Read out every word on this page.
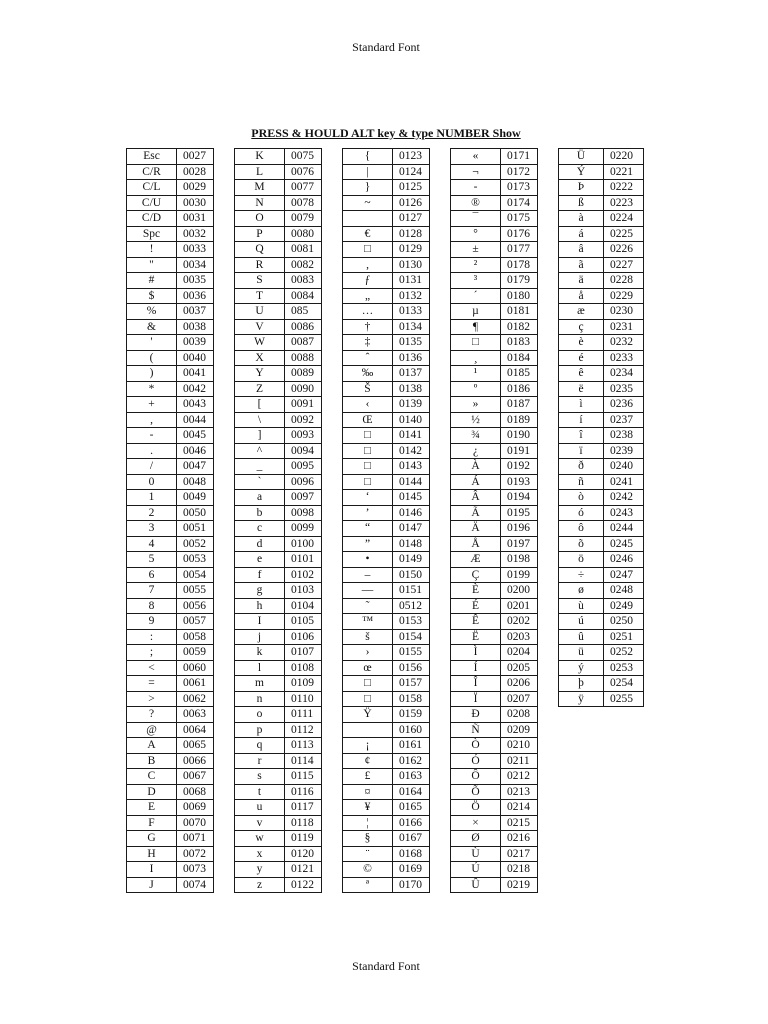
Standard Font
PRESS & HOULD ALT key & type NUMBER Show
Esc	0027
C/R	0028
C/L	0029
C/U	0030
C/D	0031
Spc	0032
!	0033
"	0034
#	0035
$	0036
%	0037
&	0038
'	0039
(	0040
)	0041
*	0042
+	0043
,	0044
-	0045
.	0046
/	0047
0	0048
1	0049
2	0050
3	0051
4	0052
5	0053
6	0054
7	0055
8	0056
9	0057
:	0058
;	0059
<	0060
=	0061
>	0062
?	0063
@	0064
A	0065
B	0066
C	0067
D	0068
E	0069
F	0070
G	0071
H	0072
I	0073
J	0074
K	0075
L	0076
M	0077
N	0078
O	0079
P	0080
Q	0081
R	0082
S	0083
T	0084
U	085
V	0086
W	0087
X	0088
Y	0089
Z	0090
[	0091
\	0092
]	0093
^	0094
_	0095
`	0096
a	0097
b	0098
c	0099
d	0100
e	0101
f	0102
g	0103
h	0104
I	0105
j	0106
k	0107
l	0108
m	0109
n	0110
o	0111
p	0112
q	0113
r	0114
s	0115
t	0116
u	0117
v	0118
w	0119
x	0120
y	0121
z	0122
{	0123
|	0124
}	0125
~	0126
	0127
€	0128
□	0129
,	0130
ƒ	0131
„	0132
…	0133
†	0134
‡	0135
ˆ	0136
‰	0137
Š	0138
‹	0139
Œ	0140
□	0141
□	0142
□	0143
□	0144
‘	0145
’	0146
“	0147
”	0148
•	0149
–	0150
—	0151
˜	0512
™	0153
š	0154
›	0155
œ	0156
□	0157
□	0158
Ÿ	0159
	0160
¡	0161
¢	0162
£	0163
¤	0164
¥	0165
¦	0166
§	0167
¨	0168
©	0169
ª	0170
«	0171
¬	0172
-	0173
®	0174
¯	0175
°	0176
±	0177
²	0178
³	0179
´	0180
µ	0181
¶	0182
□	0183
¸	0184
¹	0185
º	0186
»	0187
½	0189
¾	0190
¿	0191
À	0192
Á	0193
Â	0194
Ã	0195
Ä	0196
Å	0197
Æ	0198
Ç	0199
È	0200
É	0201
Ê	0202
Ë	0203
Ì	0204
Í	0205
Î	0206
Ï	0207
Ð	0208
Ñ	0209
Ò	0210
Ó	0211
Ô	0212
Õ	0213
Ö	0214
×	0215
Ø	0216
Ù	0217
Ú	0218
Û	0219
Ü	0220
Ý	0221
Þ	0222
ß	0223
à	0224
á	0225
â	0226
ã	0227
ä	0228
å	0229
æ	0230
ç	0231
è	0232
é	0233
ê	0234
ë	0235
ì	0236
í	0237
î	0238
ï	0239
ð	0240
ñ	0241
ò	0242
ó	0243
ô	0244
õ	0245
ö	0246
÷	0247
ø	0248
ù	0249
ú	0250
û	0251
ü	0252
ý	0253
þ	0254
ÿ	0255
Standard Font
